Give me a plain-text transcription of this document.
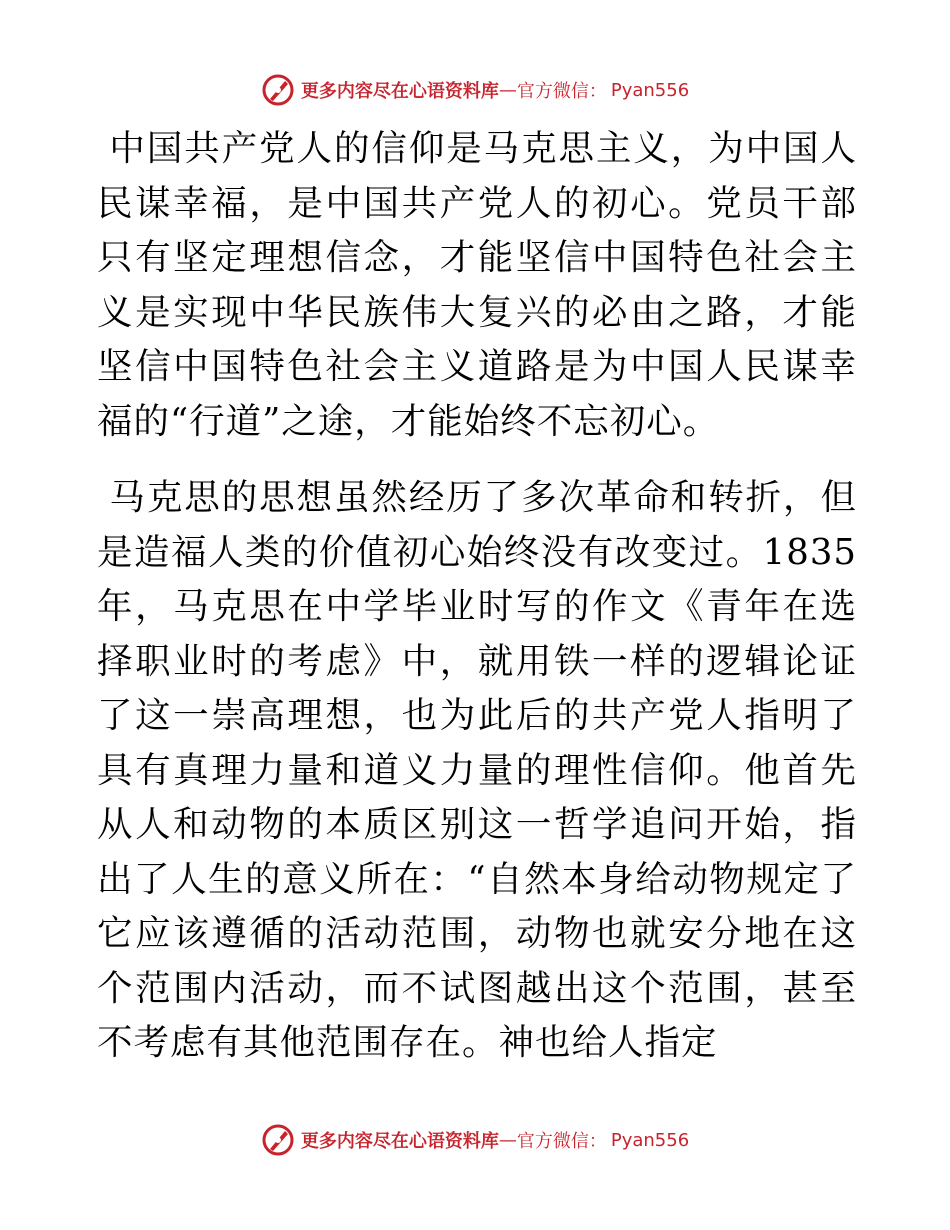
更多内容尽在心语资料库 — 官方微信： Pyan556

中国共产党人的信仰是马克思主义，为中国人民谋幸福，是中国共产党人的初心。党员干部只有坚定理想信念，才能坚信中国特色社会主义是实现中华民族伟大复兴的必由之路，才能坚信中国特色社会主义道路是为中国人民谋幸福的“行道”之途，才能始终不忘初心。

马克思的思想虽然经历了多次革命和转折，但是造福人类的价值初心始终没有改变过。1835年，马克思在中学毕业时写的作文《青年在选择职业时的考虑》中，就用铁一样的逻辑论证了这一崇高理想，也为此后的共产党人指明了具有真理力量和道义力量的理性信仰。他首先从人和动物的本质区别这一哲学追问开始，指出了人生的意义所在：“自然本身给动物规定了它应该遵循的活动范围，动物也就安分地在这个范围内活动，而不试图越出这个范围，甚至不考虑有其他范围存在。神也给人指定

更多内容尽在心语资料库 — 官方微信： Pyan556
